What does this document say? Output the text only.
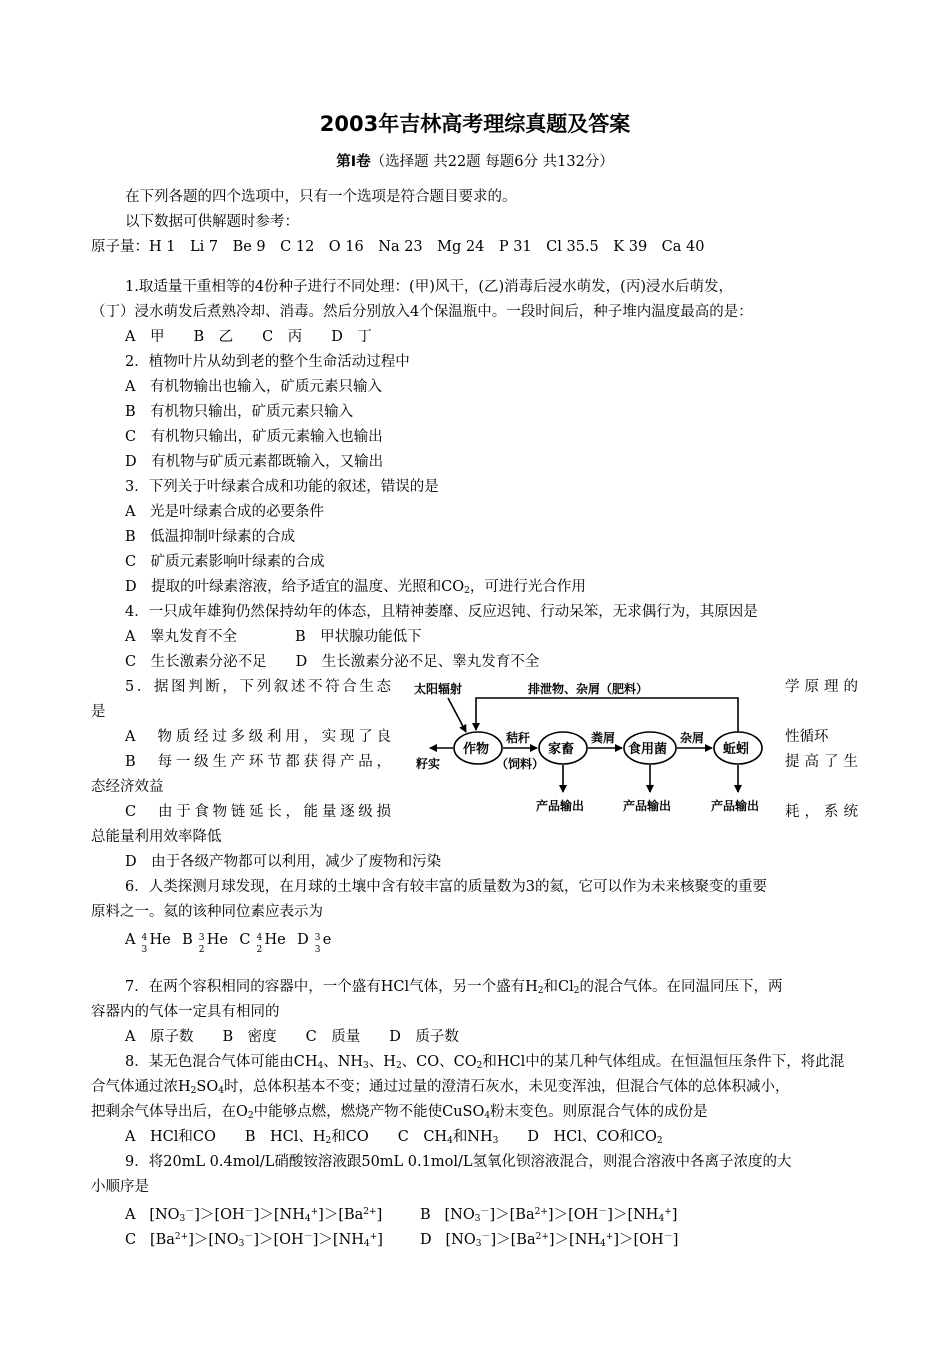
2003年吉林高考理综真题及答案
第Ⅰ卷（选择题 共22题 每题6分 共132分）
在下列各题的四个选项中，只有一个选项是符合题目要求的。
以下数据可供解题时参考：
原子量：H 1　Li 7　Be 9　C 12　O 16　Na 23　Mg 24　P 31　Cl 35.5　K 39　Ca 40
1.取适量干重相等的4份种子进行不同处理：(甲)风干，(乙)消毒后浸水萌发，(丙)浸水后萌发，
（丁）浸水萌发后煮熟冷却、消毒。然后分别放入4个保温瓶中。一段时间后，种子堆内温度最高的是：
A　甲　　B　乙　　C　丙　　D　丁
2．植物叶片从幼到老的整个生命活动过程中
A　有机物输出也输入，矿质元素只输入
B　有机物只输出，矿质元素只输入
C　有机物只输出，矿质元素输入也输出
D　有机物与矿质元素都既输入，又输出
3．下列关于叶绿素合成和功能的叙述，错误的是
A　光是叶绿素合成的必要条件
B　低温抑制叶绿素的合成
C　矿质元素影响叶绿素的合成
D　提取的叶绿素溶液，给予适宜的温度、光照和$CO_2$，可进行光合作用
4．一只成年雄狗仍然保持幼年的体态，且精神萎靡、反应迟钝、行动呆笨，无求偶行为，其原因是
A　睾丸发育不全　　　　B　甲状腺功能低下
C　生长激素分泌不足　　D　生长激素分泌不足、睾丸发育不全
5．据图判断，下列叙述不符合生态	学原理的
是
A　物质经过多级利用，实现了良	性循环
B　每一级生产环节都获得产品，	提高了生
态经济效益
C　由于食物链延长，能量逐级损	耗，系统
总能量利用效率降低
D　由于各级产物都可以利用，减少了废物和污染
排泄物、杂屑（肥料）
太阳辐射
作物	家畜	食用菌	蚯蚓
籽实
秸秆
（饲料）
粪屑	杂屑
产品输出	产品输出	产品输出
6．人类探测月球发现，在月球的土壤中含有较丰富的质量数为3的氦，它可以作为未来核聚变的重要
原料之一。氦的该种同位素应表示为
A 4
3
He B 3
2
He C 4
2
He D 3
3
e
7．在两个容积相同的容器中，一个盛有HCl气体，另一个盛有$H_2$和$Cl_2$的混合气体。在同温同压下，两
容器内的气体一定具有相同的
A　原子数　　B　密度　　C　质量　　D　质子数
8．某无色混合气体可能由$CH_4$、$NH_3$、$H_2$、CO、$CO_2$和HCl中的某几种气体组成。在恒温恒压条件下，将此混
合气体通过浓$H_2SO_4$时，总体积基本不变；通过过量的澄清石灰水，未见变浑浊，但混合气体的总体积减小，
把剩余气体导出后，在$O_2$中能够点燃，燃烧产物不能使CuSO$_4$粉末变色。则原混合气体的成份是
A　HCl和CO　　B　HCl、$H_2$和CO　　C　$CH_4$和$NH_3$　　D　HCl、CO和$CO_2$
9．将20mL 0.4mol/L硝酸铵溶液跟50mL 0.1mol/L氢氧化钡溶液混合，则混合溶液中各离子浓度的大
小顺序是
A $[NO_3^-]>[OH^-]>[NH_4^+]>[Ba^{2+}]$	B $[NO_3^-]>[Ba^{2+}]>[OH^-]>[NH_4^+]$
C $[Ba^{2+}]>[NO_3^-]>[OH^-]>[NH_4^+]$	D $[NO_3^-]>[Ba^{2+}]>[NH_4^+]>[OH^-]$
